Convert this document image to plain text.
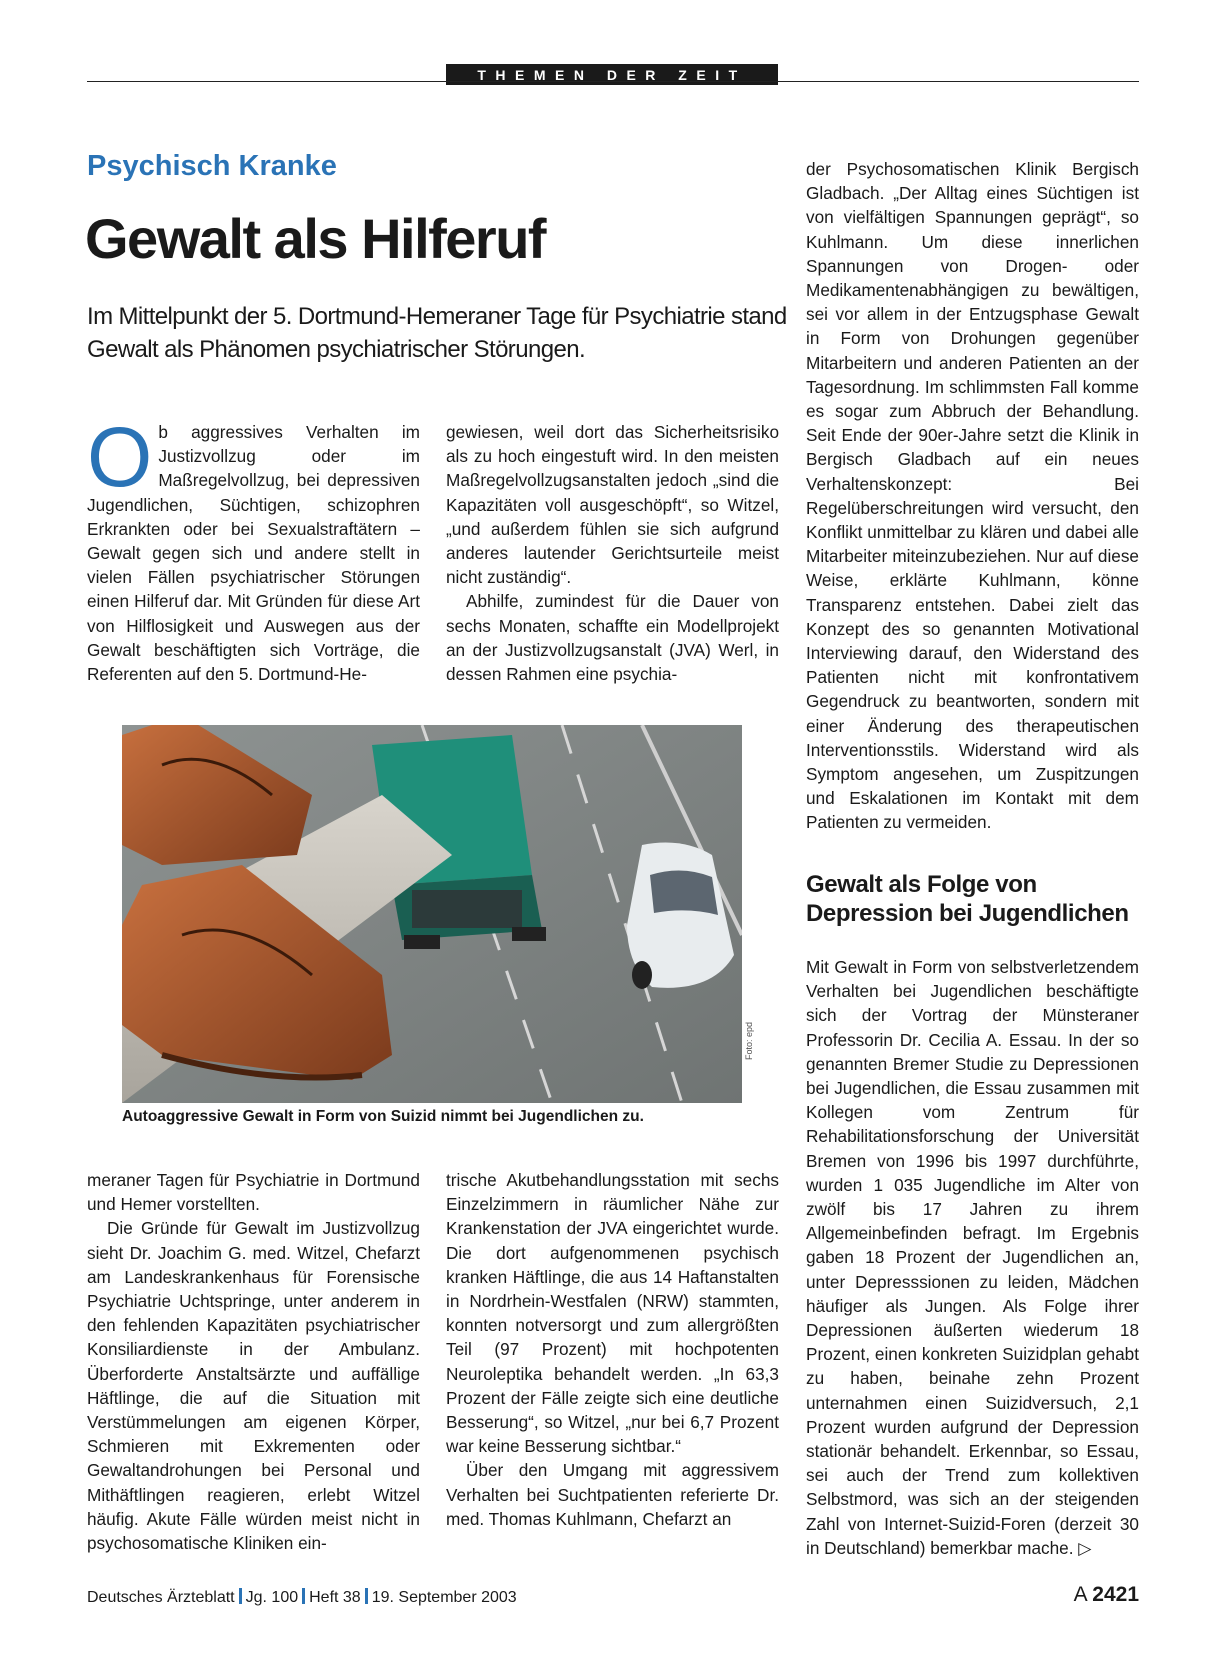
THEMEN DER ZEIT
Psychisch Kranke
Gewalt als Hilferuf
Im Mittelpunkt der 5. Dortmund-Hemeraner Tage für Psychiatrie stand Gewalt als Phänomen psychiatrischer Störungen.

Ob aggressives Verhalten im Justizvollzug oder im Maßregelvollzug, bei depressiven Jugendlichen, Süchtigen, schizophren Erkrankten oder bei Sexualstraftätern – Gewalt gegen sich und andere stellt in vielen Fällen psychiatrischer Störungen einen Hilferuf dar. Mit Gründen für diese Art von Hilflosigkeit und Auswegen aus der Gewalt beschäftigten sich Vorträge, die Referenten auf den 5. Dortmund-He-

gewiesen, weil dort das Sicherheitsrisiko als zu hoch eingestuft wird. In den meisten Maßregelvollzugsanstalten jedoch „sind die Kapazitäten voll ausgeschöpft“, so Witzel, „und außerdem fühlen sie sich aufgrund anderes lautender Gerichtsurteile meist nicht zuständig“.

Abhilfe, zumindest für die Dauer von sechs Monaten, schaffte ein Modellprojekt an der Justizvollzugsanstalt (JVA) Werl, in dessen Rahmen eine psychia-

Foto: epd
Autoaggressive Gewalt in Form von Suizid nimmt bei Jugendlichen zu.

meraner Tagen für Psychiatrie in Dortmund und Hemer vorstellten.

Die Gründe für Gewalt im Justizvollzug sieht Dr. Joachim G. med. Witzel, Chefarzt am Landeskrankenhaus für Forensische Psychiatrie Uchtspringe, unter anderem in den fehlenden Kapazitäten psychiatrischer Konsiliardienste in der Ambulanz. Überforderte Anstaltsärzte und auffällige Häftlinge, die auf die Situation mit Verstümmelungen am eigenen Körper, Schmieren mit Exkrementen oder Gewaltandrohungen bei Personal und Mithäftlingen reagieren, erlebt Witzel häufig. Akute Fälle würden meist nicht in psychosomatische Kliniken ein-

trische Akutbehandlungsstation mit sechs Einzelzimmern in räumlicher Nähe zur Krankenstation der JVA eingerichtet wurde. Die dort aufgenommenen psychisch kranken Häftlinge, die aus 14 Haftanstalten in Nordrhein-Westfalen (NRW) stammten, konnten notversorgt und zum allergrößten Teil (97 Prozent) mit hochpotenten Neuroleptika behandelt werden. „In 63,3 Prozent der Fälle zeigte sich eine deutliche Besserung“, so Witzel, „nur bei 6,7 Prozent war keine Besserung sichtbar.“

Über den Umgang mit aggressivem Verhalten bei Suchtpatienten referierte Dr. med. Thomas Kuhlmann, Chefarzt an

der Psychosomatischen Klinik Bergisch Gladbach. „Der Alltag eines Süchtigen ist von vielfältigen Spannungen geprägt“, so Kuhlmann. Um diese innerlichen Spannungen von Drogen- oder Medikamentenabhängigen zu bewältigen, sei vor allem in der Entzugsphase Gewalt in Form von Drohungen gegenüber Mitarbeitern und anderen Patienten an der Tagesordnung. Im schlimmsten Fall komme es sogar zum Abbruch der Behandlung. Seit Ende der 90er-Jahre setzt die Klinik in Bergisch Gladbach auf ein neues Verhaltenskonzept: Bei Regelüberschreitungen wird versucht, den Konflikt unmittelbar zu klären und dabei alle Mitarbeiter miteinzubeziehen. Nur auf diese Weise, erklärte Kuhlmann, könne Transparenz entstehen. Dabei zielt das Konzept des so genannten Motivational Interviewing darauf, den Widerstand des Patienten nicht mit konfrontativem Gegendruck zu beantworten, sondern mit einer Änderung des therapeutischen Interventionsstils. Widerstand wird als Symptom angesehen, um Zuspitzungen und Eskalationen im Kontakt mit dem Patienten zu vermeiden.

Gewalt als Folge von Depression bei Jugendlichen

Mit Gewalt in Form von selbstverletzendem Verhalten bei Jugendlichen beschäftigte sich der Vortrag der Münsteraner Professorin Dr. Cecilia A. Essau. In der so genannten Bremer Studie zu Depressionen bei Jugendlichen, die Essau zusammen mit Kollegen vom Zentrum für Rehabilitationsforschung der Universität Bremen von 1996 bis 1997 durchführte, wurden 1 035 Jugendliche im Alter von zwölf bis 17 Jahren zu ihrem Allgemeinbefinden befragt. Im Ergebnis gaben 18 Prozent der Jugendlichen an, unter Depresssionen zu leiden, Mädchen häufiger als Jungen. Als Folge ihrer Depressionen äußerten wiederum 18 Prozent, einen konkreten Suizidplan gehabt zu haben, beinahe zehn Prozent unternahmen einen Suizidversuch, 2,1 Prozent wurden aufgrund der Depression stationär behandelt. Erkennbar, so Essau, sei auch der Trend zum kollektiven Selbstmord, was sich an der steigenden Zahl von Internet-Suizid-Foren (derzeit 30 in Deutschland) bemerkbar mache. ▷

Deutsches Ärzteblatt Jg. 100 Heft 38 19. September 2003	A 2421
